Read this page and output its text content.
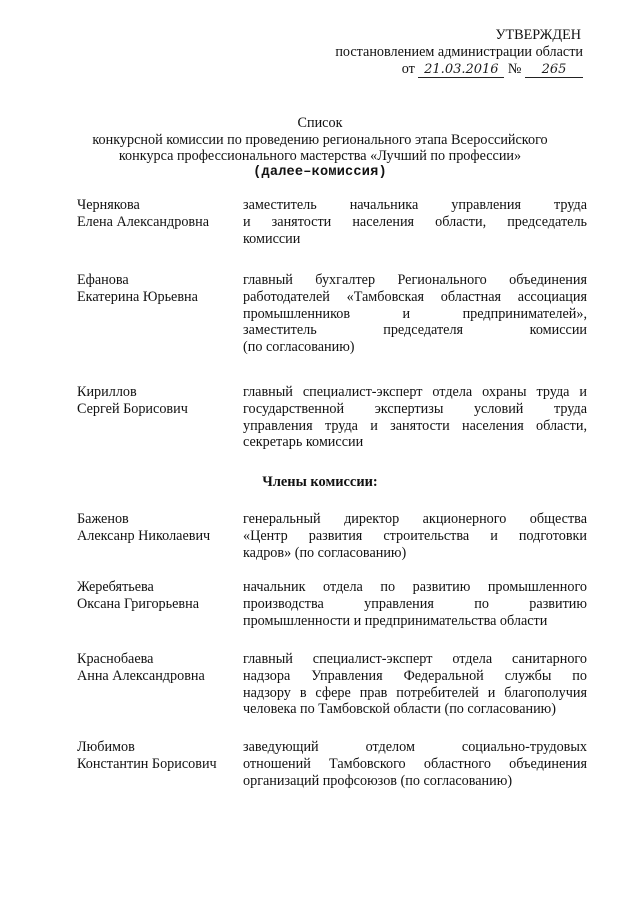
УТВЕРЖДЕН
постановлением администрации области
от 21.03.2016 № 265
Список
конкурсной комиссии по проведению регионального этапа Всероссийского
конкурса профессионального мастерства «Лучший по профессии»
(далее–комиссия)
Чернякова
Елена Александровна
заместитель начальника управления труда
и занятости населения области, председатель
комиссии
Ефанова
Екатерина Юрьевна
главный бухгалтер Регионального объединения
работодателей «Тамбовская областная ассоциация
промышленников и предпринимателей»,
заместитель председателя комиссии
(по согласованию)
Кириллов
Сергей Борисович
главный специалист-эксперт отдела охраны труда и
государственной экспертизы условий труда
управления труда и занятости населения области,
секретарь комиссии
Члены комиссии:
Баженов
Алексанр Николаевич
генеральный директор акционерного общества
«Центр развития строительства и подготовки
кадров» (по согласованию)
Жеребятьева
Оксана Григорьевна
начальник отдела по развитию промышленного
производства управления по развитию
промышленности и предпринимательства области
Краснобаева
Анна Александровна
главный специалист-эксперт отдела санитарного
надзора Управления Федеральной службы по
надзору в сфере прав потребителей и благополучия
человека по Тамбовской области (по согласованию)
Любимов
Константин Борисович
заведующий отделом социально-трудовых
отношений Тамбовского областного объединения
организаций профсоюзов (по согласованию)
